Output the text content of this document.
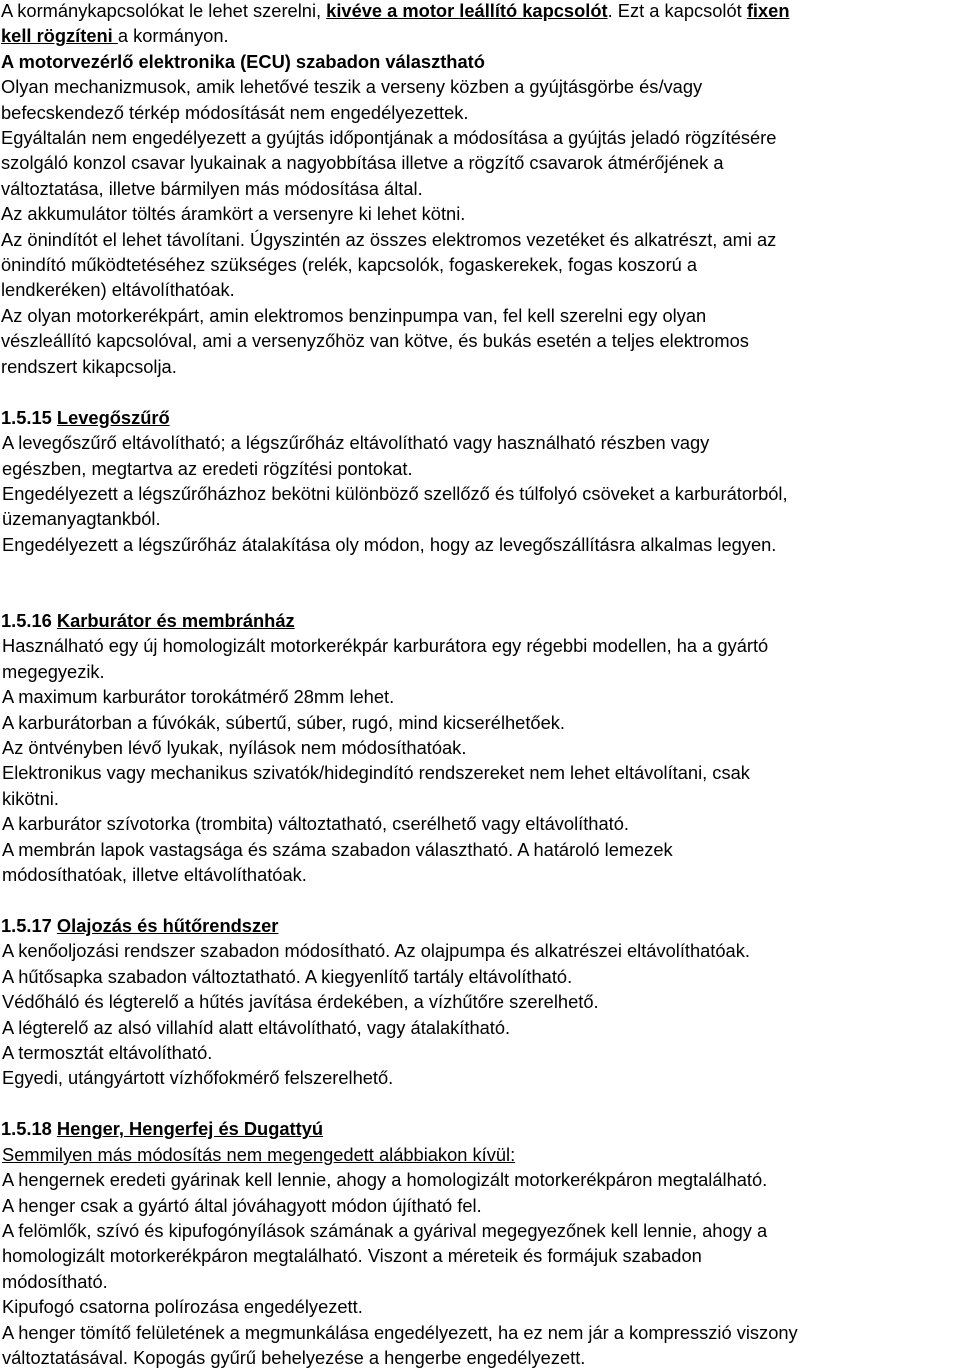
A kormánykapcsolókat le lehet szerelni, kivéve a motor leállító kapcsolót. Ezt a kapcsolót fixen

kell rögzíteni a kormányon.

A motorvezérlő elektronika (ECU) szabadon választható

Olyan mechanizmusok, amik lehetővé teszik a verseny közben a gyújtásgörbe és/vagy

befecskendező térkép módosítását nem engedélyezettek.

Egyáltalán nem engedélyezett a gyújtás időpontjának a módosítása a gyújtás jeladó rögzítésére

szolgáló konzol csavar lyukainak a nagyobbítása illetve a rögzítő csavarok átmérőjének a

változtatása, illetve bármilyen más módosítása által.

Az akkumulátor töltés áramkört a versenyre ki lehet kötni.

Az önindítót el lehet távolítani. Úgyszintén az összes elektromos vezetéket és alkatrészt, ami az

önindító működtetéséhez szükséges (relék, kapcsolók, fogaskerekek, fogas koszorú a

lendkeréken) eltávolíthatóak.

Az olyan motorkerékpárt, amin elektromos benzinpumpa van, fel kell szerelni egy olyan

vészleállító kapcsolóval, ami a versenyzőhöz van kötve, és bukás esetén a teljes elektromos

rendszert kikapcsolja.

1.5.15 Levegőszűrő

A levegőszűrő eltávolítható; a légszűrőház eltávolítható vagy használható részben vagy

egészben, megtartva az eredeti rögzítési pontokat.

Engedélyezett a légszűrőházhoz bekötni különböző szellőző és túlfolyó csöveket a karburátorból,

üzemanyagtankból.

Engedélyezett a légszűrőház átalakítása oly módon, hogy az levegőszállításra alkalmas legyen.

1.5.16 Karburátor és membránház

Használható egy új homologizált motorkerékpár karburátora egy régebbi modellen, ha a gyártó

megegyezik.

A maximum karburátor torokátmérő 28mm lehet.

A karburátorban a fúvókák, súbertű, súber, rugó, mind kicserélhetőek.

Az öntvényben lévő lyukak, nyílások nem módosíthatóak.

Elektronikus vagy mechanikus szivatók/hidegindító rendszereket nem lehet eltávolítani, csak

kikötni.

A karburátor szívotorka (trombita) változtatható, cserélhető vagy eltávolítható.

A membrán lapok vastagsága és száma szabadon választható. A határoló lemezek

módosíthatóak, illetve eltávolíthatóak.

1.5.17 Olajozás és hűtőrendszer

A kenőoljozási rendszer szabadon módosítható. Az olajpumpa és alkatrészei eltávolíthatóak.

A hűtősapka szabadon változtatható. A kiegyenlítő tartály eltávolítható.

Védőháló és légterelő a hűtés javítása érdekében, a vízhűtőre szerelhető.

A légterelő az alsó villahíd alatt eltávolítható, vagy átalakítható.

A termosztát eltávolítható.

Egyedi, utángyártott vízhőfokmérő felszerelhető.

1.5.18 Henger, Hengerfej és Dugattyú

Semmilyen más módosítás nem megengedett alábbiakon kívül:

A hengernek eredeti gyárinak kell lennie, ahogy a homologizált motorkerékpáron megtalálható.

A henger csak a gyártó által jóváhagyott módon újítható fel.

A felömlők, szívó és kipufogónyílások számának a gyárival megegyezőnek kell lennie, ahogy a

homologizált motorkerékpáron megtalálható. Viszont a méreteik és formájuk szabadon

módosítható.

Kipufogó csatorna polírozása engedélyezett.

A henger tömítő felületének a megmunkálása engedélyezett, ha ez nem jár a kompresszió viszony

változtatásával. Kopogás gyűrű behelyezése a hengerbe engedélyezett.
